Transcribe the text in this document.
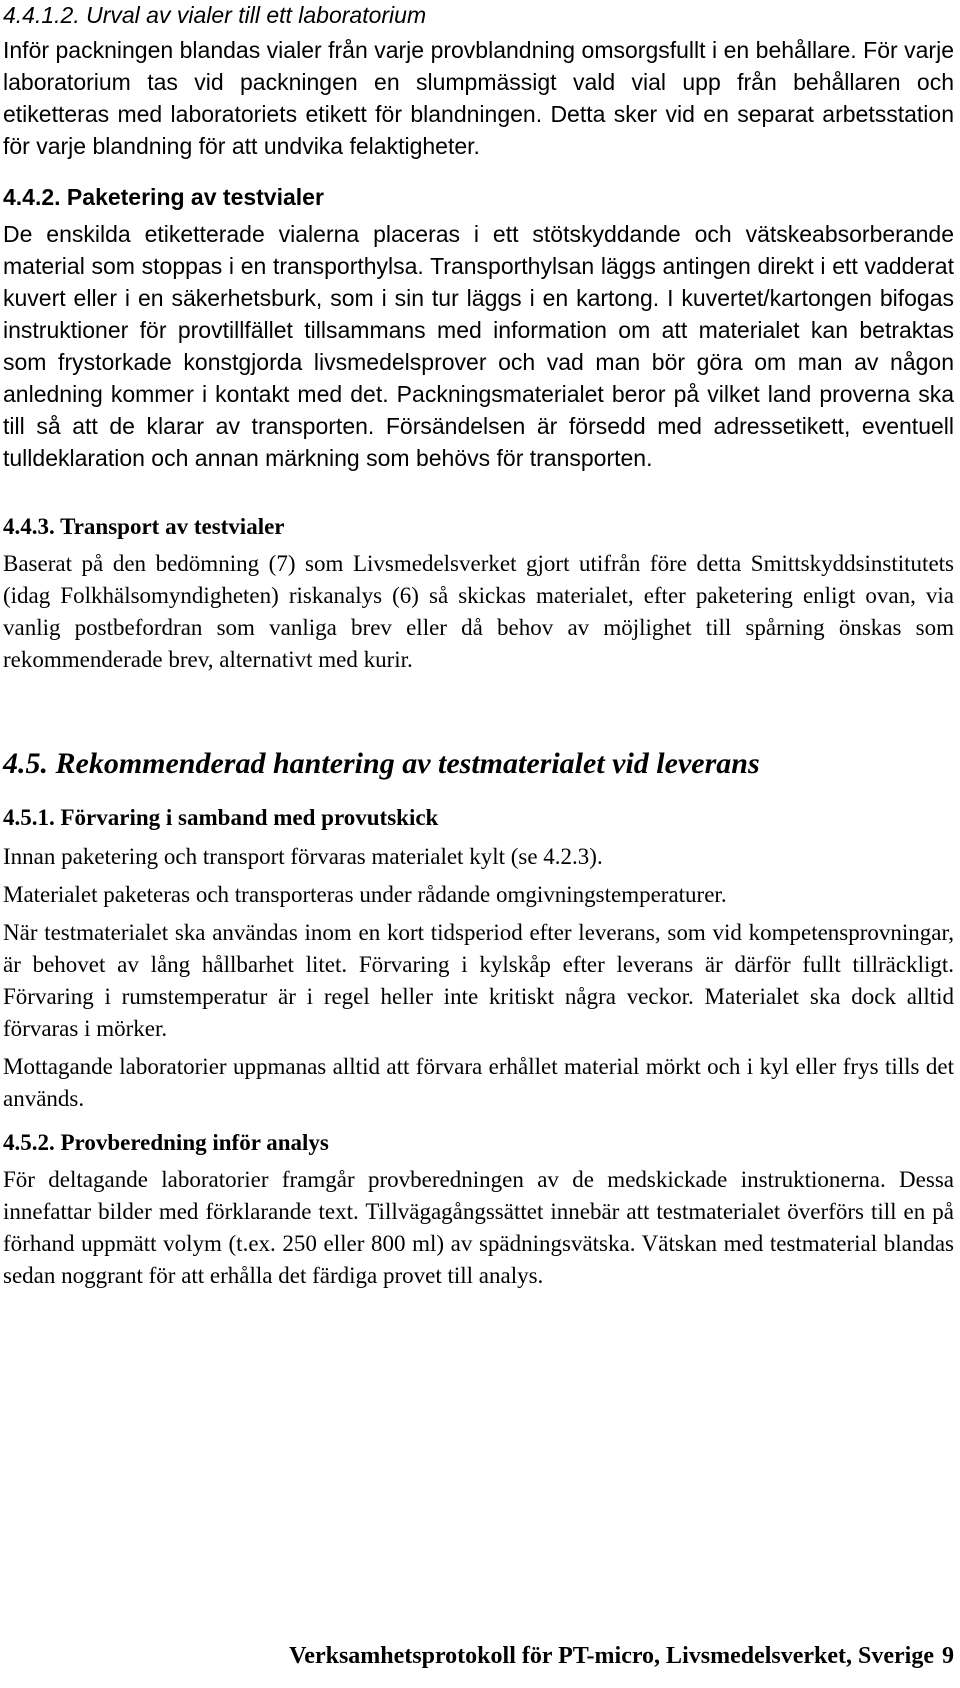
4.4.1.2. Urval av vialer till ett laboratorium

Inför packningen blandas vialer från varje provblandning omsorgsfullt i en behållare. För varje laboratorium tas vid packningen en slumpmässigt vald vial upp från behållaren och etiketteras med laboratoriets etikett för blandningen. Detta sker vid en separat arbetsstation för varje blandning för att undvika felaktigheter.

4.4.2. Paketering av testvialer

De enskilda etiketterade vialerna placeras i ett stötskyddande och vätskeabsorberande material som stoppas i en transporthylsa. Transporthylsan läggs antingen direkt i ett vadderat kuvert eller i en säkerhetsburk, som i sin tur läggs i en kartong. I kuvertet/kartongen bifogas instruktioner för provtillfället tillsammans med information om att materialet kan betraktas som frystorkade konstgjorda livsmedelsprover och vad man bör göra om man av någon anledning kommer i kontakt med det. Packningsmaterialet beror på vilket land proverna ska till så att de klarar av transporten. Försändelsen är försedd med adressetikett, eventuell tulldeklaration och annan märkning som behövs för transporten.

4.4.3. Transport av testvialer

Baserat på den bedömning (7) som Livsmedelsverket gjort utifrån före detta Smittskyddsinstitutets (idag Folkhälsomyndigheten) riskanalys (6) så skickas materialet, efter paketering enligt ovan, via vanlig postbefordran som vanliga brev eller då behov av möjlighet till spårning önskas som rekommenderade brev, alternativt med kurir.

4.5. Rekommenderad hantering av testmaterialet vid leverans

4.5.1. Förvaring i samband med provutskick

Innan paketering och transport förvaras materialet kylt (se 4.2.3).

Materialet paketeras och transporteras under rådande omgivningstemperaturer.

När testmaterialet ska användas inom en kort tidsperiod efter leverans, som vid kompetensprovningar, är behovet av lång hållbarhet litet. Förvaring i kylskåp efter leverans är därför fullt tillräckligt. Förvaring i rumstemperatur är i regel heller inte kritiskt några veckor. Materialet ska dock alltid förvaras i mörker.

Mottagande laboratorier uppmanas alltid att förvara erhållet material mörkt och i kyl eller frys tills det används.

4.5.2. Provberedning inför analys

För deltagande laboratorier framgår provberedningen av de medskickade instruktionerna. Dessa innefattar bilder med förklarande text. Tillvägagångssättet innebär att testmaterialet överförs till en på förhand uppmätt volym (t.ex. 250 eller 800 ml) av spädningsvätska. Vätskan med testmaterial blandas sedan noggrant för att erhålla det färdiga provet till analys.

Verksamhetsprotokoll för PT-micro, Livsmedelsverket, Sverige 9
